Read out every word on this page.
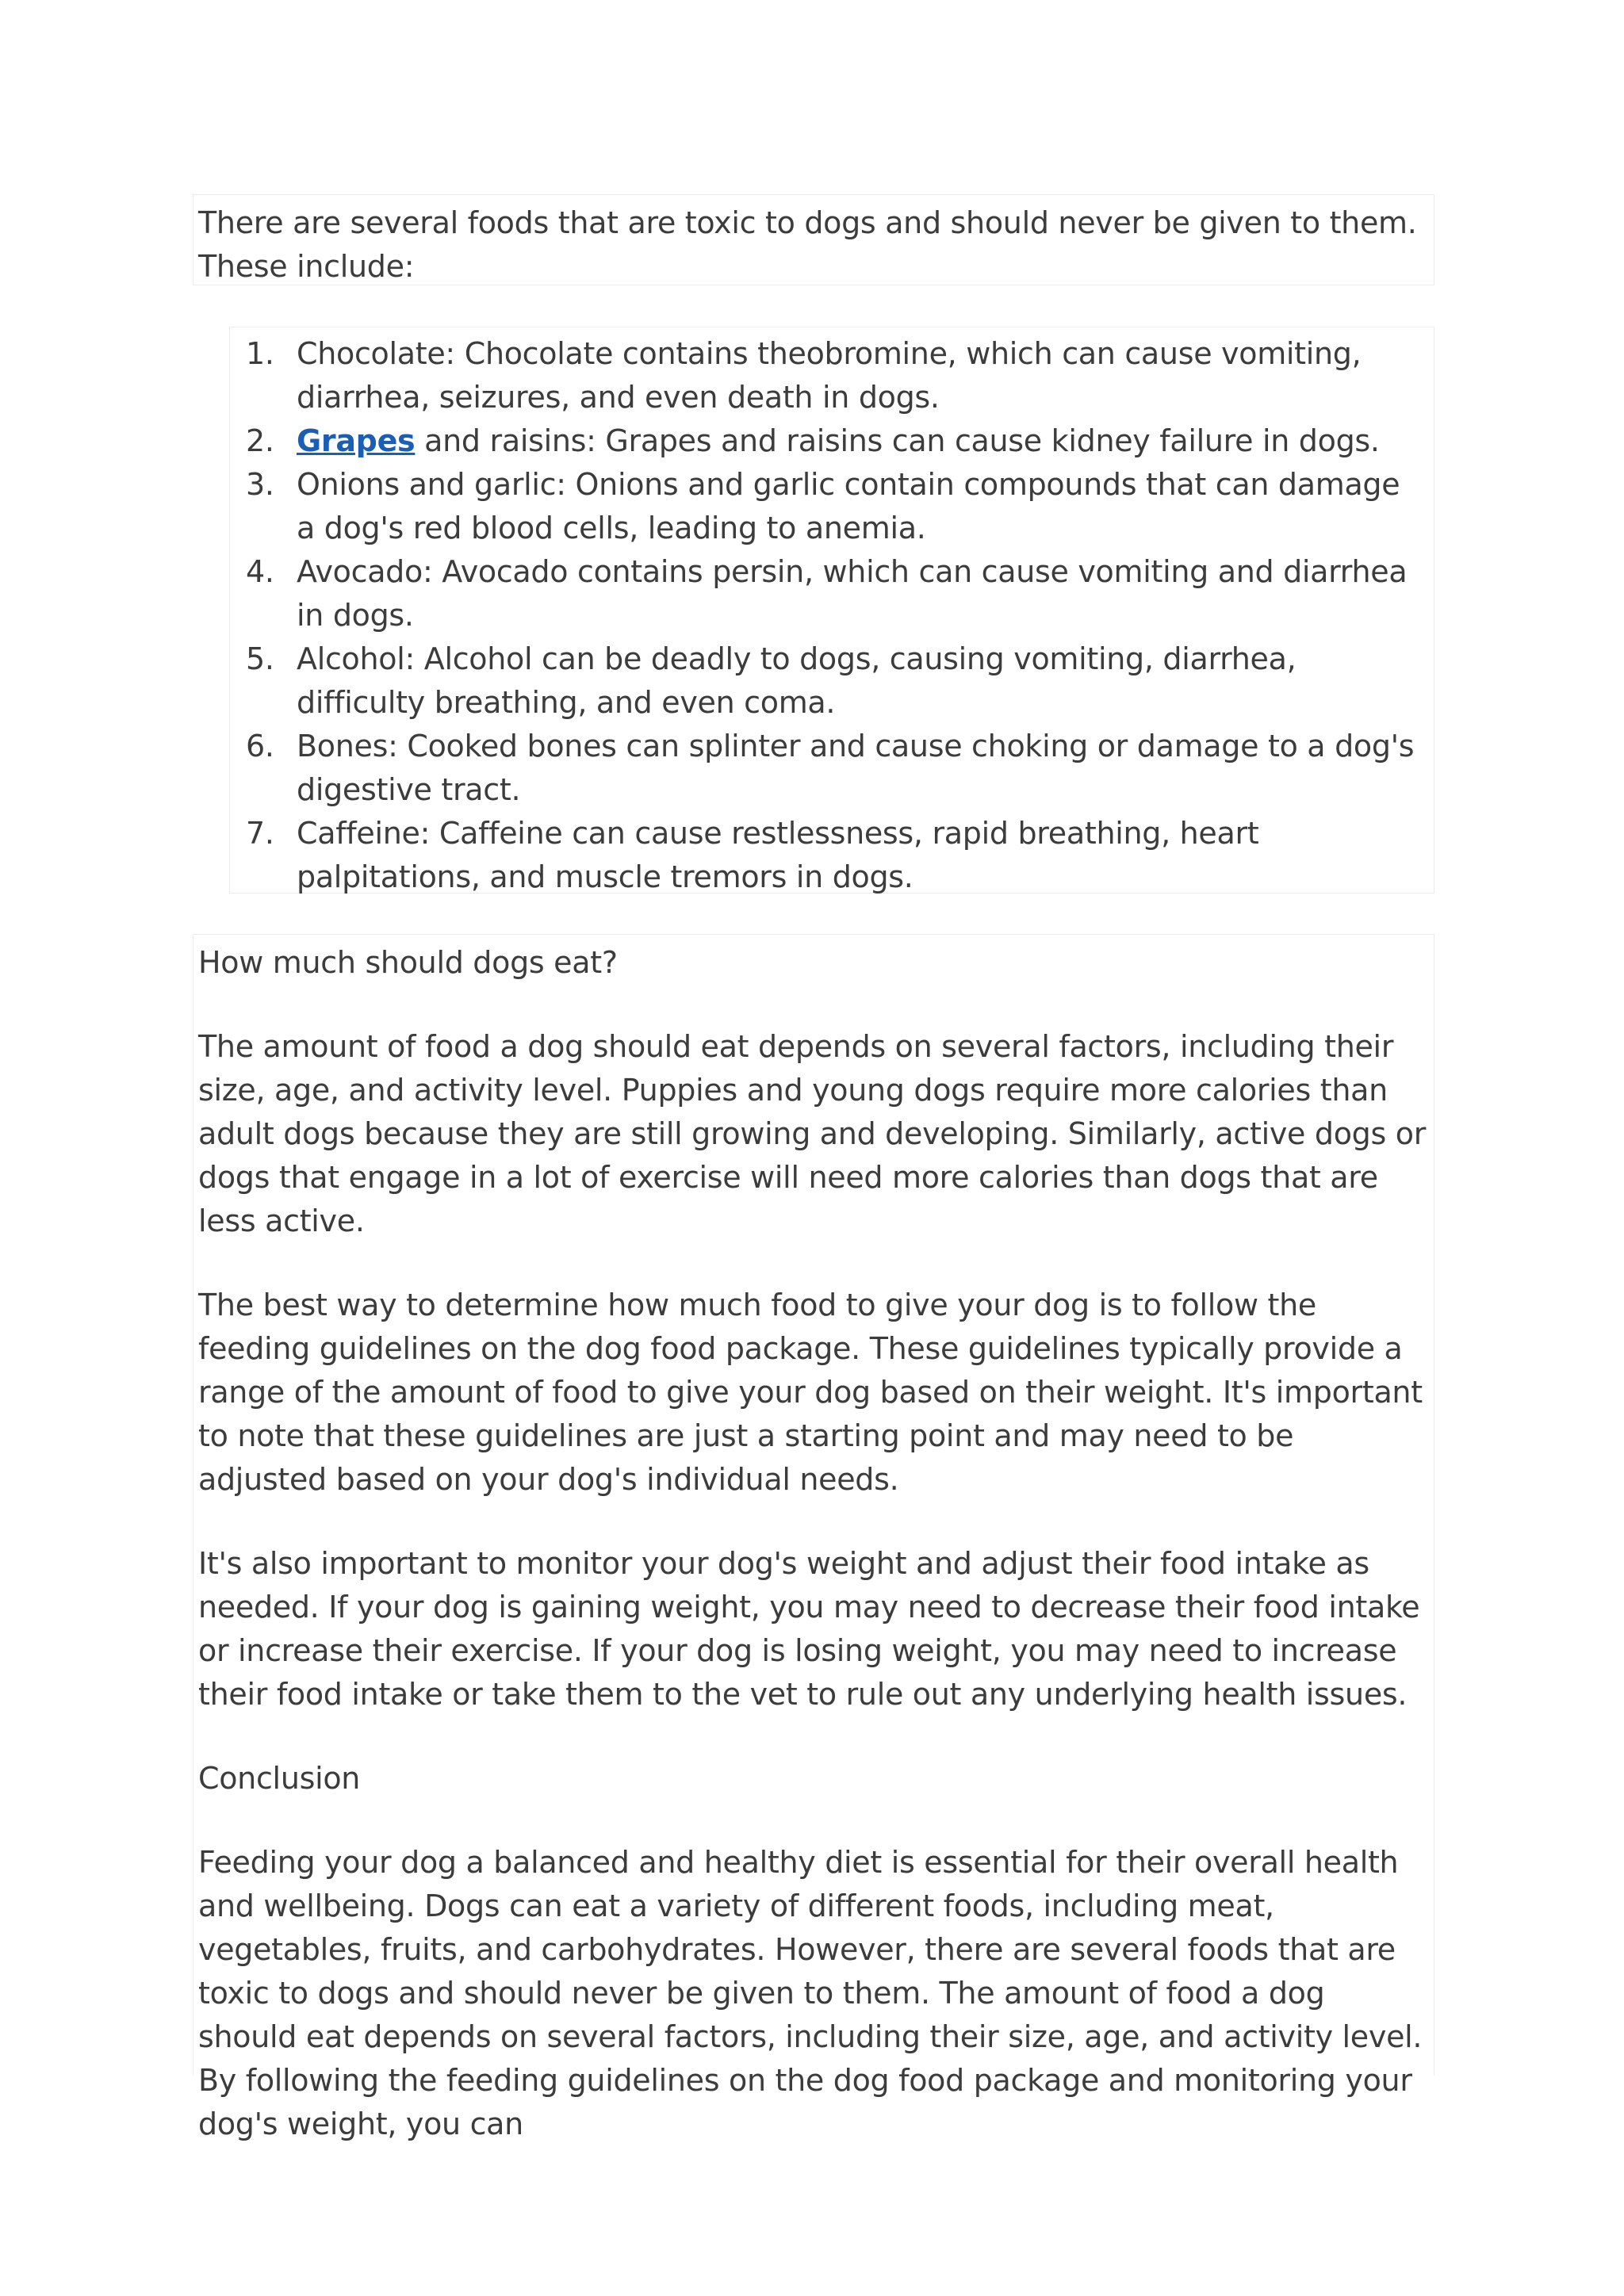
There are several foods that are toxic to dogs and should never be given to them. These include:

1. Chocolate: Chocolate contains theobromine, which can cause vomiting, diarrhea, seizures, and even death in dogs.
2. Grapes and raisins: Grapes and raisins can cause kidney failure in dogs.
3. Onions and garlic: Onions and garlic contain compounds that can damage a dog's red blood cells, leading to anemia.
4. Avocado: Avocado contains persin, which can cause vomiting and diarrhea in dogs.
5. Alcohol: Alcohol can be deadly to dogs, causing vomiting, diarrhea, difficulty breathing, and even coma.
6. Bones: Cooked bones can splinter and cause choking or damage to a dog's digestive tract.
7. Caffeine: Caffeine can cause restlessness, rapid breathing, heart palpitations, and muscle tremors in dogs.

How much should dogs eat?

The amount of food a dog should eat depends on several factors, including their size, age, and activity level. Puppies and young dogs require more calories than adult dogs because they are still growing and developing. Similarly, active dogs or dogs that engage in a lot of exercise will need more calories than dogs that are less active.

The best way to determine how much food to give your dog is to follow the feeding guidelines on the dog food package. These guidelines typically provide a range of the amount of food to give your dog based on their weight. It's important to note that these guidelines are just a starting point and may need to be adjusted based on your dog's individual needs.

It's also important to monitor your dog's weight and adjust their food intake as needed. If your dog is gaining weight, you may need to decrease their food intake or increase their exercise. If your dog is losing weight, you may need to increase their food intake or take them to the vet to rule out any underlying health issues.

Conclusion

Feeding your dog a balanced and healthy diet is essential for their overall health and wellbeing. Dogs can eat a variety of different foods, including meat, vegetables, fruits, and carbohydrates. However, there are several foods that are toxic to dogs and should never be given to them. The amount of food a dog should eat depends on several factors, including their size, age, and activity level. By following the feeding guidelines on the dog food package and monitoring your dog's weight, you can
